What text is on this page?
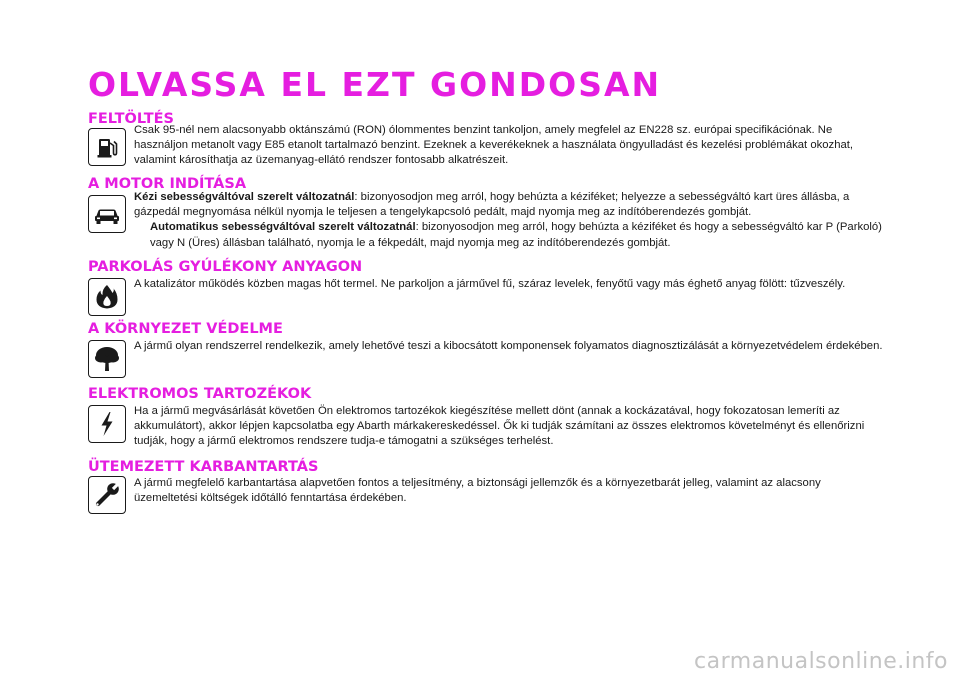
OLVASSA EL EZT GONDOSAN
FELTÖLTÉS

Csak 95-nél nem alacsonyabb oktánszámú (RON) ólommentes benzint tankoljon, amely megfelel az EN228 sz. európai specifikációnak. Ne használjon metanolt vagy E85 etanolt tartalmazó benzint. Ezeknek a keverékeknek a használata öngyulladást és kezelési problémákat okozhat, valamint károsíthatja az üzemanyag-ellátó rendszer fontosabb alkatrészeit.

A MOTOR INDÍTÁSA
Kézi sebességváltóval szerelt változatnál: bizonyosodjon meg arról, hogy behúzta a kéziféket; helyezze a sebességváltó kart üres állásba, a gázpedál megnyomása nélkül nyomja le teljesen a tengelykapcsoló pedált, majd nyomja meg az indítóberendezés gombját.
Automatikus sebességváltóval szerelt változatnál: bizonyosodjon meg arról, hogy behúzta a kéziféket és hogy a sebességváltó kar P (Parkoló) vagy N (Üres) állásban található, nyomja le a fékpedált, majd nyomja meg az indítóberendezés gombját.
PARKOLÁS GYÚLÉKONY ANYAGON

A katalizátor működés közben magas hőt termel. Ne parkoljon a járművel fű, száraz levelek, fenyőtű vagy más éghető anyag fölött: tűzveszély.

A KÖRNYEZET VÉDELME

A jármű olyan rendszerrel rendelkezik, amely lehetővé teszi a kibocsátott komponensek folyamatos diagnosztizálását a környezetvédelem érdekében.

ELEKTROMOS TARTOZÉKOK

Ha a jármű megvásárlását követően Ön elektromos tartozékok kiegészítése mellett dönt (annak a kockázatával, hogy fokozatosan lemeríti az akkumulátort), akkor lépjen kapcsolatba egy Abarth márkakereskedéssel. Ők ki tudják számítani az összes elektromos követelményt és ellenőrizni tudják, hogy a jármű elektromos rendszere tudja-e támogatni a szükséges terhelést.

ÜTEMEZETT KARBANTARTÁS

A jármű megfelelő karbantartása alapvetően fontos a teljesítmény, a biztonsági jellemzők és a környezetbarát jelleg, valamint az alacsony üzemeltetési költségek időtálló fenntartása érdekében.

carmanualsonline.info
